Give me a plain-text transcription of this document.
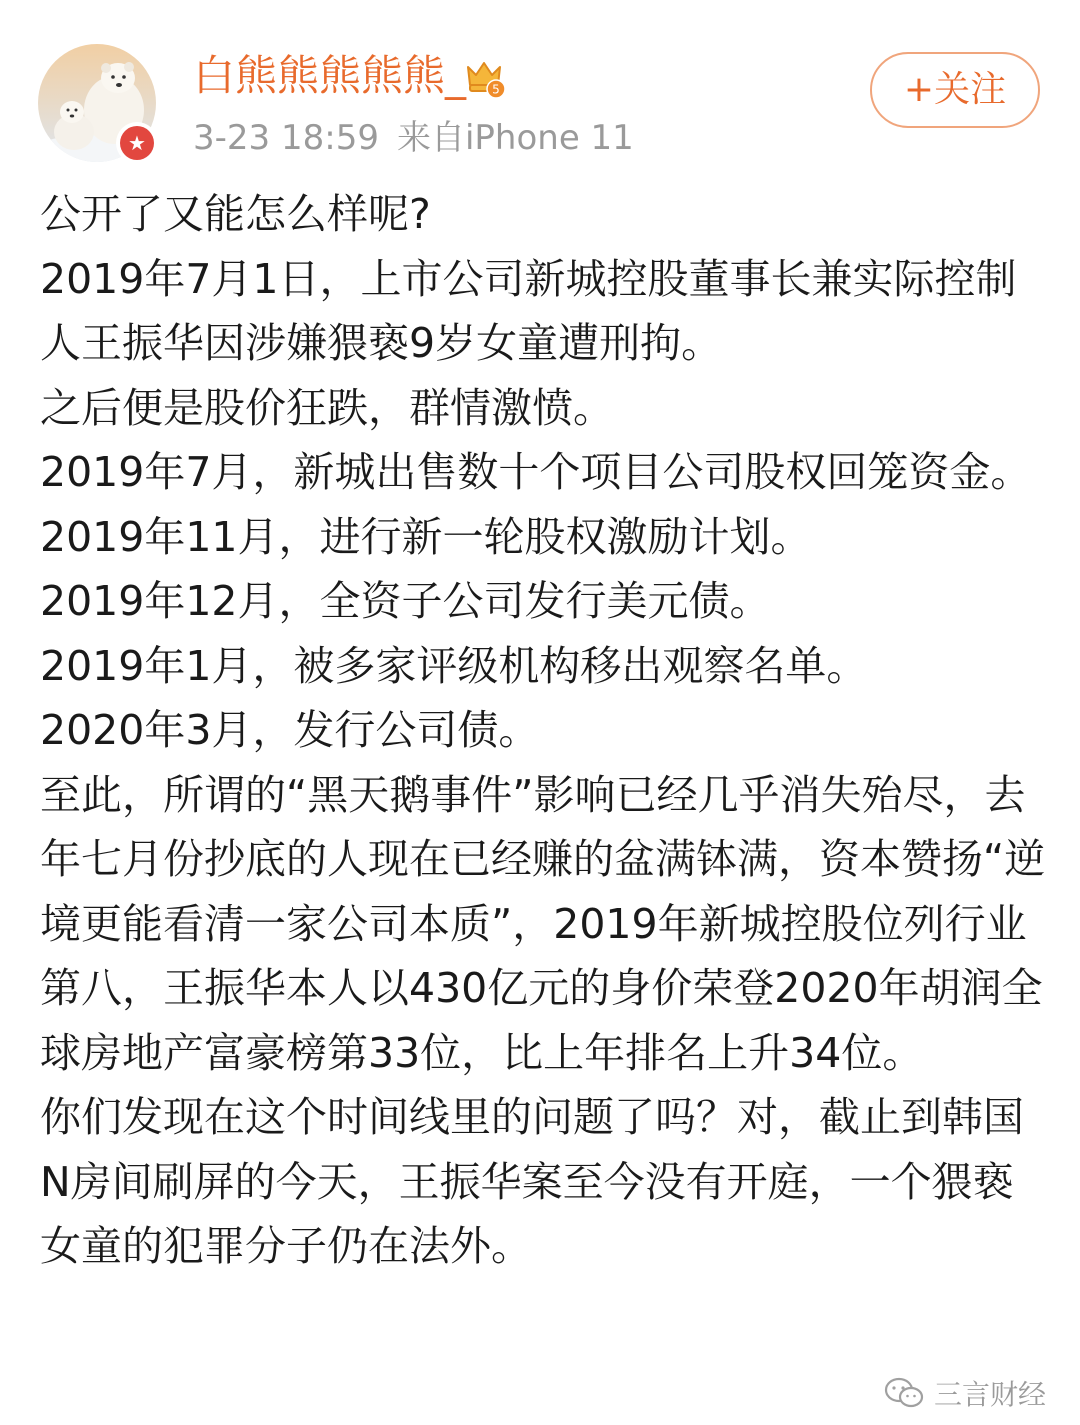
★
白熊熊熊熊熊_ 5
3-23 18:59 来自iPhone 11
+关注

公开了又能怎么样呢?

2019年7月1日，上市公司新城控股董事长兼实际控制人王振华因涉嫌猥亵9岁女童遭刑拘。

之后便是股价狂跌，群情激愤。

2019年7月，新城出售数十个项目公司股权回笼资金。

2019年11月，进行新一轮股权激励计划。

2019年12月，全资子公司发行美元债。

2019年1月，被多家评级机构移出观察名单。

2020年3月，发行公司债。

至此，所谓的“黑天鹅事件”影响已经几乎消失殆尽，去年七月份抄底的人现在已经赚的盆满钵满，资本赞扬“逆境更能看清一家公司本质”，2019年新城控股位列行业第八，王振华本人以430亿元的身价荣登2020年胡润全球房地产富豪榜第33位，比上年排名上升34位。

你们发现在这个时间线里的问题了吗？对，截止到韩国N房间刷屏的今天，王振华案至今没有开庭，一个猥亵女童的犯罪分子仍在法外。

三言财经
